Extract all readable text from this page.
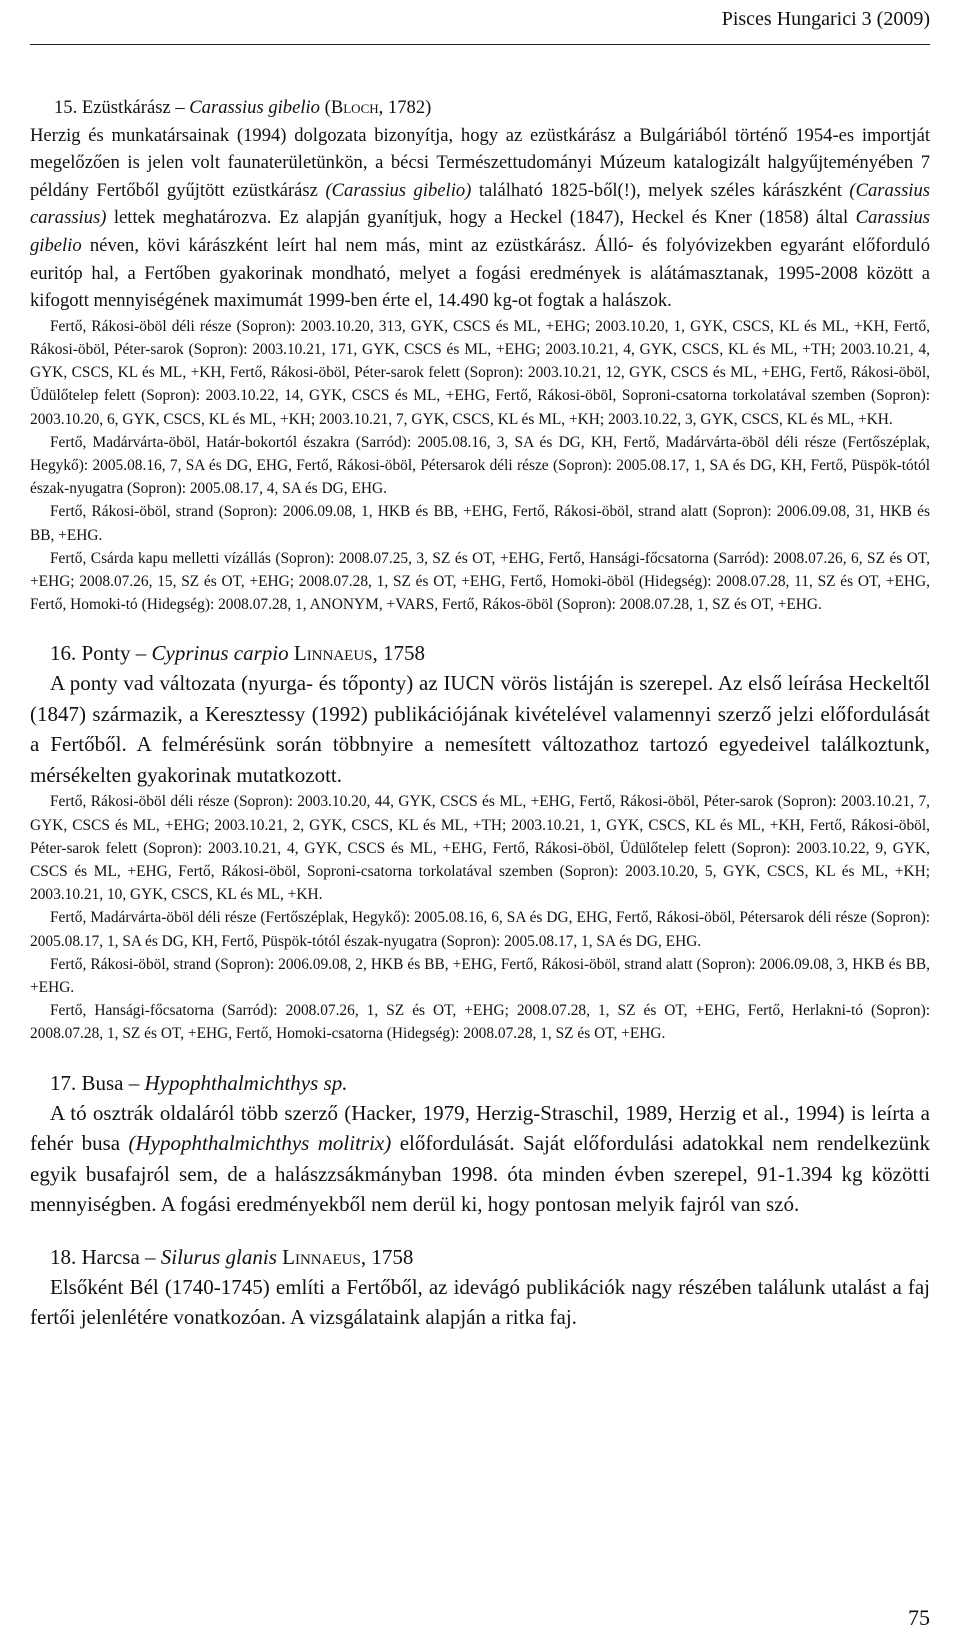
Pisces Hungarici 3 (2009)

15. Ezüstkárász – Carassius gibelio (Bloch, 1782)

Herzig és munkatársainak (1994) dolgozata bizonyítja, hogy az ezüstkárász a Bulgáriából történő 1954-es importját megelőzően is jelen volt faunaterületünkön, a bécsi Természettudományi Múzeum katalogizált halgyűjteményében 7 példány Fertőből gyűjtött ezüstkárász (Carassius gibelio) található 1825-ből(!), melyek széles kárászként (Carassius carassius) lettek meghatározva. Ez alapján gyanítjuk, hogy a Heckel (1847), Heckel és Kner (1858) által Carassius gibelio néven, kövi kárászként leírt hal nem más, mint az ezüstkárász. Álló- és folyóvizekben egyaránt előforduló euritóp hal, a Fertőben gyakorinak mondható, melyet a fogási eredmények is alátámasztanak, 1995-2008 között a kifogott mennyiségének maximumát 1999-ben érte el, 14.490 kg-ot fogtak a halászok.

Fertő, Rákosi-öböl déli része (Sopron): 2003.10.20, 313, GYK, CSCS és ML, +EHG; 2003.10.20, 1, GYK, CSCS, KL és ML, +KH, Fertő, Rákosi-öböl, Péter-sarok (Sopron): 2003.10.21, 171, GYK, CSCS és ML, +EHG; 2003.10.21, 4, GYK, CSCS, KL és ML, +TH; 2003.10.21, 4, GYK, CSCS, KL és ML, +KH, Fertő, Rákosi-öböl, Péter-sarok felett (Sopron): 2003.10.21, 12, GYK, CSCS és ML, +EHG, Fertő, Rákosi-öböl, Üdülőtelep felett (Sopron): 2003.10.22, 14, GYK, CSCS és ML, +EHG, Fertő, Rákosi-öböl, Soproni-csatorna torkolatával szemben (Sopron): 2003.10.20, 6, GYK, CSCS, KL és ML, +KH; 2003.10.21, 7, GYK, CSCS, KL és ML, +KH; 2003.10.22, 3, GYK, CSCS, KL és ML, +KH.

Fertő, Madárvárta-öböl, Határ-bokortól északra (Sarród): 2005.08.16, 3, SA és DG, KH, Fertő, Madárvárta-öböl déli része (Fertőszéplak, Hegykő): 2005.08.16, 7, SA és DG, EHG, Fertő, Rákosi-öböl, Pétersarok déli része (Sopron): 2005.08.17, 1, SA és DG, KH, Fertő, Püspök-tótól észak-nyugatra (Sopron): 2005.08.17, 4, SA és DG, EHG.

Fertő, Rákosi-öböl, strand (Sopron): 2006.09.08, 1, HKB és BB, +EHG, Fertő, Rákosi-öböl, strand alatt (Sopron): 2006.09.08, 31, HKB és BB, +EHG.

Fertő, Csárda kapu melletti vízállás (Sopron): 2008.07.25, 3, SZ és OT, +EHG, Fertő, Hansági-főcsatorna (Sarród): 2008.07.26, 6, SZ és OT, +EHG; 2008.07.26, 15, SZ és OT, +EHG; 2008.07.28, 1, SZ és OT, +EHG, Fertő, Homoki-öböl (Hidegség): 2008.07.28, 11, SZ és OT, +EHG, Fertő, Homoki-tó (Hidegség): 2008.07.28, 1, ANONYM, +VARS, Fertő, Rákos-öböl (Sopron): 2008.07.28, 1, SZ és OT, +EHG.

16. Ponty – Cyprinus carpio Linnaeus, 1758

A ponty vad változata (nyurga- és tőponty) az IUCN vörös listáján is szerepel. Az első leírása Heckeltől (1847) származik, a Keresztessy (1992) publikációjának kivételével valamennyi szerző jelzi előfordulását a Fertőből. A felmérésünk során többnyire a nemesített változathoz tartozó egyedeivel találkoztunk, mérsékelten gyakorinak mutatkozott.

Fertő, Rákosi-öböl déli része (Sopron): 2003.10.20, 44, GYK, CSCS és ML, +EHG, Fertő, Rákosi-öböl, Péter-sarok (Sopron): 2003.10.21, 7, GYK, CSCS és ML, +EHG; 2003.10.21, 2, GYK, CSCS, KL és ML, +TH; 2003.10.21, 1, GYK, CSCS, KL és ML, +KH, Fertő, Rákosi-öböl, Péter-sarok felett (Sopron): 2003.10.21, 4, GYK, CSCS és ML, +EHG, Fertő, Rákosi-öböl, Üdülőtelep felett (Sopron): 2003.10.22, 9, GYK, CSCS és ML, +EHG, Fertő, Rákosi-öböl, Soproni-csatorna torkolatával szemben (Sopron): 2003.10.20, 5, GYK, CSCS, KL és ML, +KH; 2003.10.21, 10, GYK, CSCS, KL és ML, +KH.

Fertő, Madárvárta-öböl déli része (Fertőszéplak, Hegykő): 2005.08.16, 6, SA és DG, EHG, Fertő, Rákosi-öböl, Pétersarok déli része (Sopron): 2005.08.17, 1, SA és DG, KH, Fertő, Püspök-tótól észak-nyugatra (Sopron): 2005.08.17, 1, SA és DG, EHG.

Fertő, Rákosi-öböl, strand (Sopron): 2006.09.08, 2, HKB és BB, +EHG, Fertő, Rákosi-öböl, strand alatt (Sopron): 2006.09.08, 3, HKB és BB, +EHG.

Fertő, Hansági-főcsatorna (Sarród): 2008.07.26, 1, SZ és OT, +EHG; 2008.07.28, 1, SZ és OT, +EHG, Fertő, Herlakni-tó (Sopron): 2008.07.28, 1, SZ és OT, +EHG, Fertő, Homoki-csatorna (Hidegség): 2008.07.28, 1, SZ és OT, +EHG.

17. Busa – Hypophthalmichthys sp.

A tó osztrák oldaláról több szerző (Hacker, 1979, Herzig-Straschil, 1989, Herzig et al., 1994) is leírta a fehér busa (Hypophthalmichthys molitrix) előfordulását. Saját előfordulási adatokkal nem rendelkezünk egyik busafajról sem, de a halászzsákmányban 1998. óta minden évben szerepel, 91-1.394 kg közötti mennyiségben. A fogási eredményekből nem derül ki, hogy pontosan melyik fajról van szó.

18. Harcsa – Silurus glanis Linnaeus, 1758

Elsőként Bél (1740-1745) említi a Fertőből, az idevágó publikációk nagy részében találunk utalást a faj fertői jelenlétére vonatkozóan. A vizsgálataink alapján a ritka faj.

75
